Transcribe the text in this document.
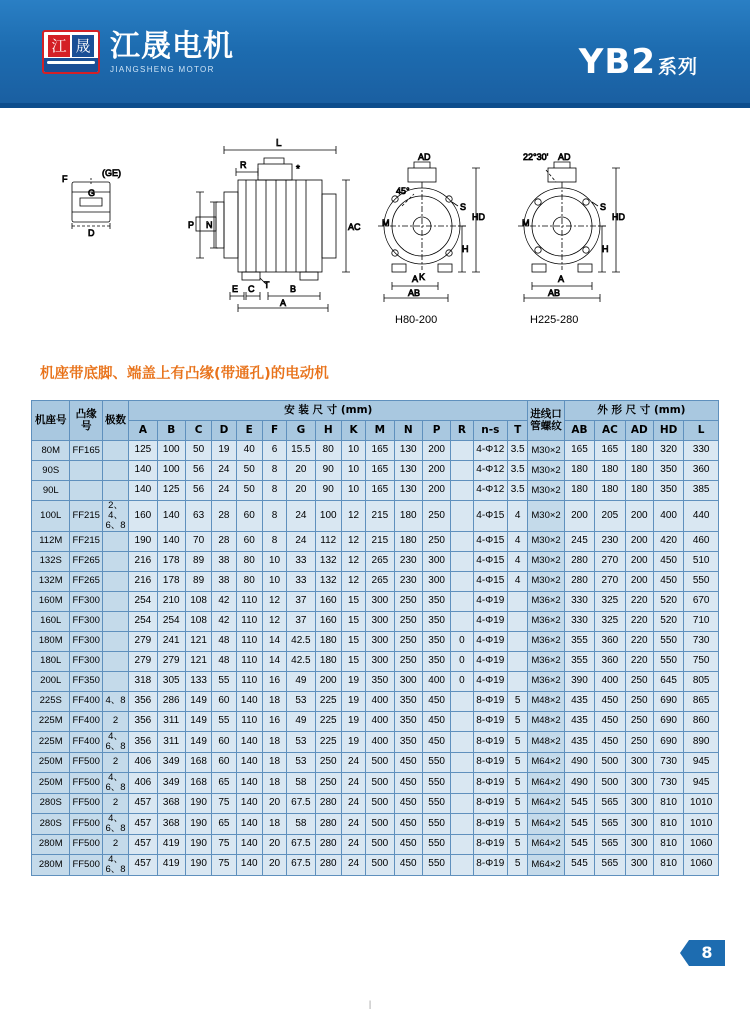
江 晟 江晟电机
JIANGSHENG MOTOR	YB2 系列
F
G
(GE)
D
L
R	*
AC
P N
T
E C	B
A
AD
45°
M
S
HD
H
K
A
AB
AD
22°30'
M
S
HD
H
A
AB
H80-200	H225-280
机座带底脚、端盖上有凸缘(带通孔)的电动机
机座号	凸缘号	极数	安 装 尺 寸 (mm)															进线口管螺纹	外 形 尺 寸 (mm)				
			A	B	C	D	E	F	G	H	K	M	N	P	R	n-s	T		AB	AC	AD	HD	L
80M	FF165		125	100	50	19	40	6	15.5	80	10	165	130	200		4-Φ12	3.5	M30×2	165	165	180	320	330
90S			140	100	56	24	50	8	20	90	10	165	130	200		4-Φ12	3.5	M30×2	180	180	180	350	360
90L			140	125	56	24	50	8	20	90	10	165	130	200		4-Φ12	3.5	M30×2	180	180	180	350	385
100L	FF215	2、4、6、8	160	140	63	28	60	8	24	100	12	215	180	250		4-Φ15	4	M30×2	200	205	200	400	440
112M	FF215		190	140	70	28	60	8	24	112	12	215	180	250		4-Φ15	4	M30×2	245	230	200	420	460
132S	FF265		216	178	89	38	80	10	33	132	12	265	230	300		4-Φ15	4	M30×2	280	270	200	450	510
132M	FF265		216	178	89	38	80	10	33	132	12	265	230	300		4-Φ15	4	M30×2	280	270	200	450	550
160M	FF300		254	210	108	42	110	12	37	160	15	300	250	350		4-Φ19		M36×2	330	325	220	520	670
160L	FF300		254	254	108	42	110	12	37	160	15	300	250	350		4-Φ19		M36×2	330	325	220	520	710
180M	FF300		279	241	121	48	110	14	42.5	180	15	300	250	350	0	4-Φ19		M36×2	355	360	220	550	730
180L	FF300		279	279	121	48	110	14	42.5	180	15	300	250	350	0	4-Φ19		M36×2	355	360	220	550	750
200L	FF350		318	305	133	55	110	16	49	200	19	350	300	400	0	4-Φ19		M36×2	390	400	250	645	805
225S	FF400	4、8	356	286	149	60	140	18	53	225	19	400	350	450		8-Φ19	5	M48×2	435	450	250	690	865
225M	FF400	2	356	311	149	55	110	16	49	225	19	400	350	450		8-Φ19	5	M48×2	435	450	250	690	860
225M	FF400	4、6、8	356	311	149	60	140	18	53	225	19	400	350	450		8-Φ19	5	M48×2	435	450	250	690	890
250M	FF500	2	406	349	168	60	140	18	53	250	24	500	450	550		8-Φ19	5	M64×2	490	500	300	730	945
250M	FF500	4、6、8	406	349	168	65	140	18	58	250	24	500	450	550		8-Φ19	5	M64×2	490	500	300	730	945
280S	FF500	2	457	368	190	75	140	20	67.5	280	24	500	450	550		8-Φ19	5	M64×2	545	565	300	810	1010
280S	FF500	4、6、8	457	368	190	65	140	18	58	280	24	500	450	550		8-Φ19	5	M64×2	545	565	300	810	1010
280M	FF500	2	457	419	190	75	140	20	67.5	280	24	500	450	550		8-Φ19	5	M64×2	545	565	300	810	1060
280M	FF500	4、6、8	457	419	190	75	140	20	67.5	280	24	500	450	550		8-Φ19	5	M64×2	545	565	300	810	1060
8
|
